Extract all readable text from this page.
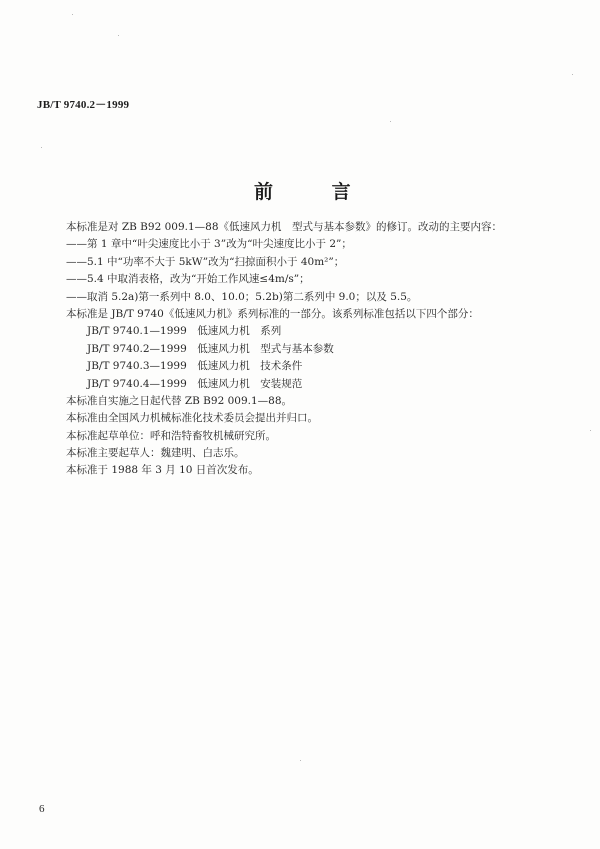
JB/T 9740.2－1999
前 言
本标准是对 ZB B92 009.1—88《低速风力机　型式与基本参数》的修订。改动的主要内容：
——第 1 章中“叶尖速度比小于 3”改为“叶尖速度比小于 2”；
——5.1 中“功率不大于 5kW”改为“扫掠面积小于 40m²”；
——5.4 中取消表格，改为“开始工作风速≤4m/s”；
——取消 5.2a)第一系列中 8.0、10.0；5.2b)第二系列中 9.0；以及 5.5。
本标准是 JB/T 9740《低速风力机》系列标准的一部分。该系列标准包括以下四个部分：
JB/T 9740.1—1999　低速风力机　系列
JB/T 9740.2—1999　低速风力机　型式与基本参数
JB/T 9740.3—1999　低速风力机　技术条件
JB/T 9740.4—1999　低速风力机　安装规范
本标准自实施之日起代替 ZB B92 009.1—88。
本标准由全国风力机械标准化技术委员会提出并归口。
本标准起草单位：呼和浩特畜牧机械研究所。
本标准主要起草人：魏建明、白志乐。
本标准于 1988 年 3 月 10 日首次发布。
6
